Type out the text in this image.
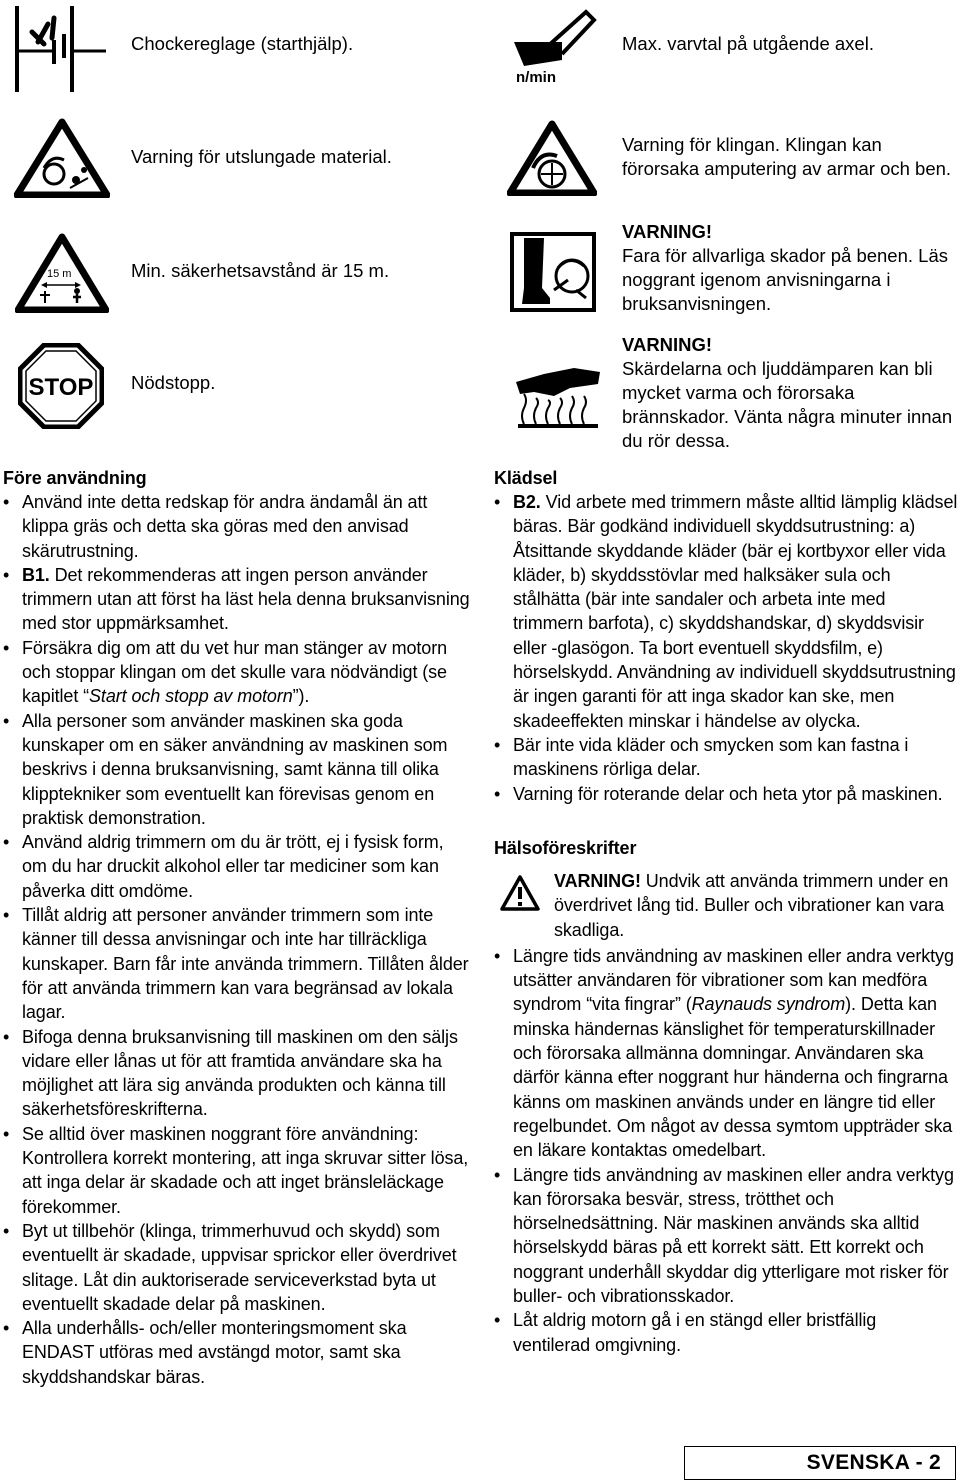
Chockereglage (starthjälp).
Varning för utslungade material.
15 m	Min. säkerhetsavstånd är 15 m.
STOP Nödstopp.
n/min
Max. varvtal på utgående axel.
Varning för klingan. Klingan kan
förorsaka amputering av armar och ben.
VARNING!
Fara för allvarliga skador på benen. Läs
noggrant igenom anvisningarna i
bruksanvisningen.
VARNING!
Skärdelarna och ljuddämparen kan bli
mycket varma och förorsaka
brännskador. Vänta några minuter innan
du rör dessa.
Före användning
• Använd inte detta redskap för andra ändamål än att klippa gräs och detta ska göras med den anvisad skärutrustning.
• B1. Det rekommenderas att ingen person använder trimmern utan att först ha läst hela denna bruksanvisning med stor uppmärksamhet.
• Försäkra dig om att du vet hur man stänger av motorn och stoppar klingan om det skulle vara nödvändigt (se kapitlet “Start och stopp av motorn”).
• Alla personer som använder maskinen ska goda kunskaper om en säker användning av maskinen som beskrivs i denna bruksanvisning, samt känna till olika klipptekniker som eventuellt kan förevisas genom en praktisk demonstration.
• Använd aldrig trimmern om du är trött, ej i fysisk form, om du har druckit alkohol eller tar mediciner som kan påverka ditt omdöme.
• Tillåt aldrig att personer använder trimmern som inte känner till dessa anvisningar och inte har tillräckliga kunskaper. Barn får inte använda trimmern. Tillåten ålder för att använda trimmern kan vara begränsad av lokala lagar.
• Bifoga denna bruksanvisning till maskinen om den säljs vidare eller lånas ut för att framtida användare ska ha möjlighet att lära sig använda produkten och känna till säkerhetsföreskrifterna.
• Se alltid över maskinen noggrant före användning: Kontrollera korrekt montering, att inga skruvar sitter lösa, att inga delar är skadade och att inget bränsleläckage förekommer.
• Byt ut tillbehör (klinga, trimmerhuvud och skydd) som eventuellt är skadade, uppvisar sprickor eller överdrivet slitage. Låt din auktoriserade serviceverkstad byta ut eventuellt skadade delar på maskinen.
• Alla underhålls- och/eller monteringsmoment ska ENDAST utföras med avstängd motor, samt ska skyddshandskar bäras.
Klädsel
• B2. Vid arbete med trimmern måste alltid lämplig klädsel bäras. Bär godkänd individuell skyddsutrustning: a) Åtsittande skyddande kläder (bär ej kortbyxor eller vida kläder, b) skyddsstövlar med halksäker sula och stålhätta (bär inte sandaler och arbeta inte med trimmern barfota), c) skyddshandskar, d) skyddsvisir eller -glasögon. Ta bort eventuell skyddsfilm, e) hörselskydd. Användning av individuell skyddsutrustning är ingen garanti för att inga skador kan ske, men skadeeffekten minskar i händelse av olycka.
• Bär inte vida kläder och smycken som kan fastna i maskinens rörliga delar.
• Varning för roterande delar och heta ytor på maskinen.
Hälsoföreskrifter
VARNING! Undvik att använda trimmern under en överdrivet lång tid. Buller och vibrationer kan vara skadliga.
• Längre tids användning av maskinen eller andra verktyg utsätter användaren för vibrationer som kan medföra syndrom “vita fingrar” (Raynauds syndrom). Detta kan minska händernas känslighet för temperaturskillnader och förorsaka allmänna domningar. Användaren ska därför känna efter noggrant hur händerna och fingrarna känns om maskinen används under en längre tid eller regelbundet. Om något av dessa symtom uppträder ska en läkare kontaktas omedelbart.
• Längre tids användning av maskinen eller andra verktyg kan förorsaka besvär, stress, trötthet och hörselnedsättning. När maskinen används ska alltid hörselskydd bäras på ett korrekt sätt. Ett korrekt och noggrant underhåll skyddar dig ytterligare mot risker för buller- och vibrationsskador.
• Låt aldrig motorn gå i en stängd eller bristfällig ventilerad omgivning.
SVENSKA - 2
